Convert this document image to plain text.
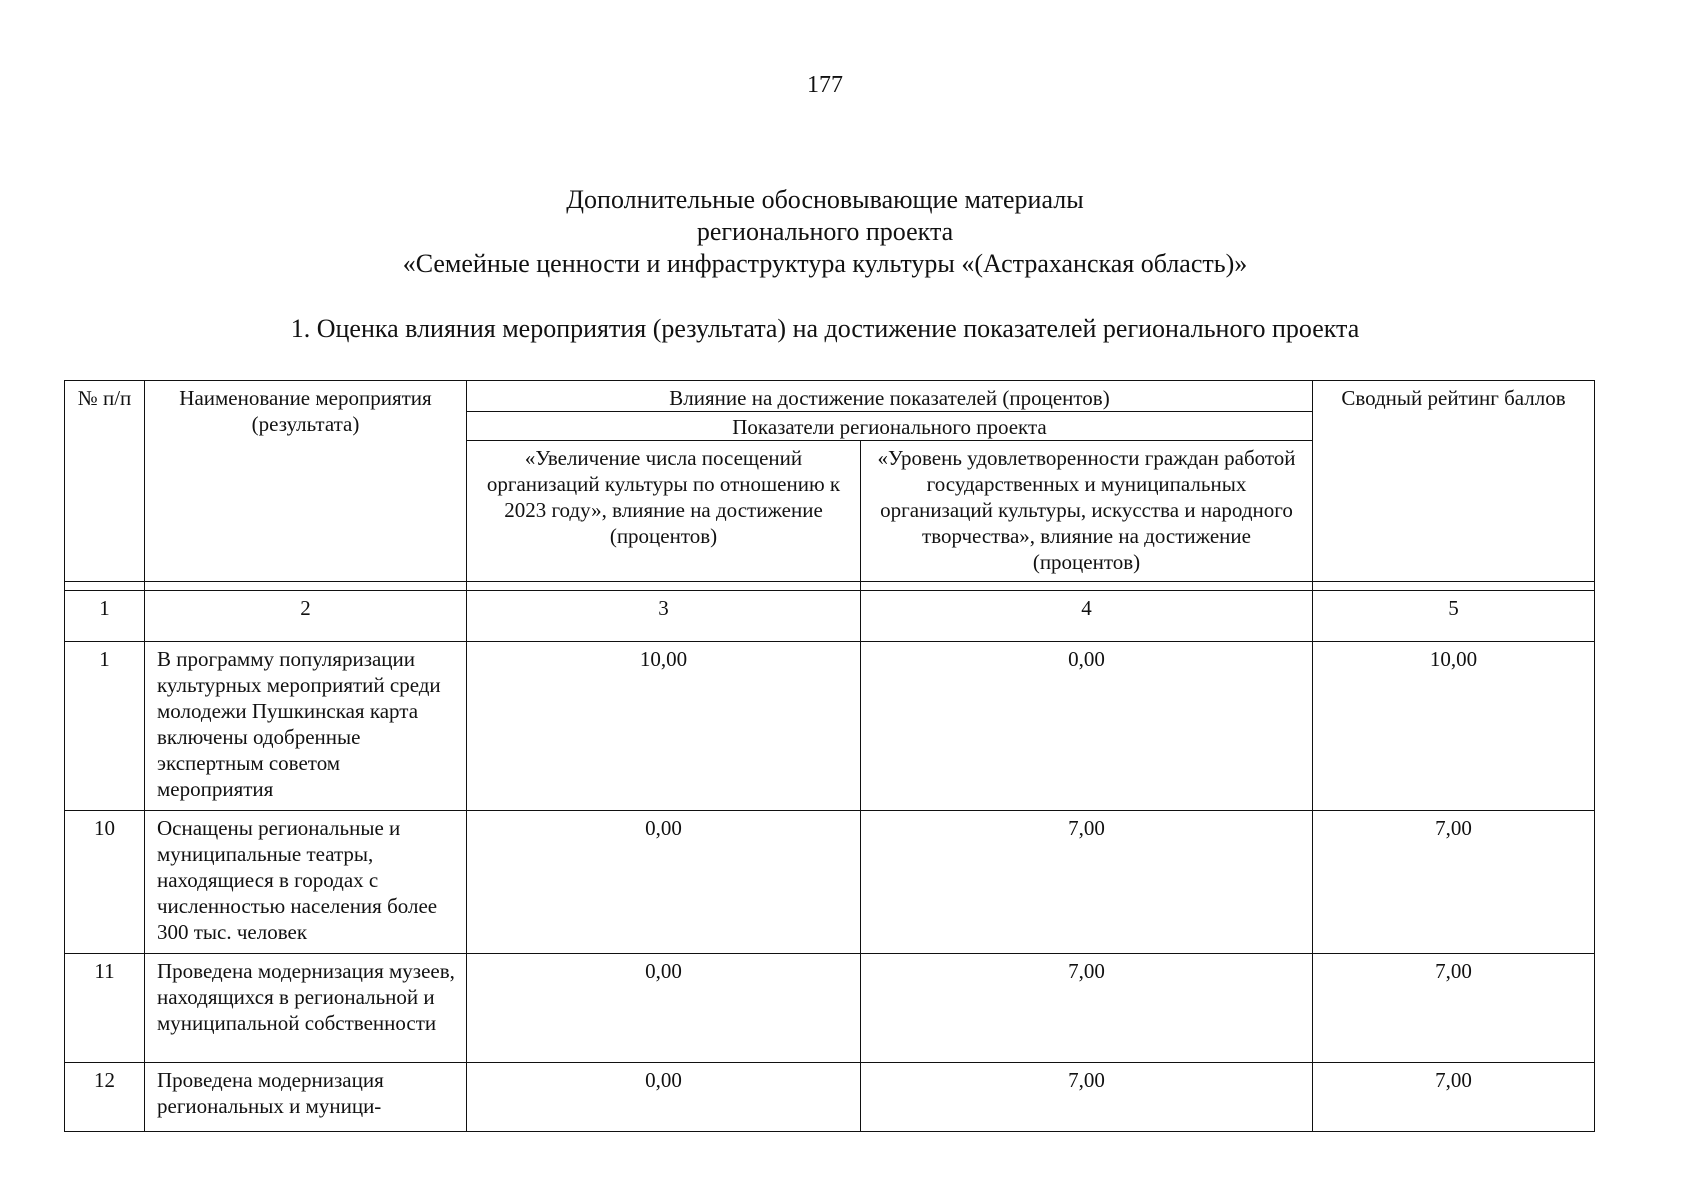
177
Дополнительные обосновывающие материалы
регионального проекта
«Семейные ценности и инфраструктура культуры «(Астраханская область)»
1. Оценка влияния мероприятия (результата) на достижение показателей регионального проекта
№ п/п	Наименование мероприятия (результата)	Влияние на достижение показателей (процентов)		Сводный рейтинг баллов
		Показатели регионального проекта		
		«Увеличение числа посещений организаций культуры по отношению к 2023 году», влияние на достижение (процентов)	«Уровень удовлетворенности граждан работой государственных и муниципальных организаций культуры, искусства и народного творчества», влияние на достижение (процентов)	

1	2	3	4	5
1	В программу популяризации культурных мероприятий среди молодежи Пушкинская карта включены одобренные экспертным советом мероприятия	10,00	0,00	10,00
10	Оснащены региональные и муниципальные театры, находящиеся в городах с численностью населения более 300 тыс. человек	0,00	7,00	7,00
11	Проведена модернизация музеев, находящихся в региональной и муниципальной собственности	0,00	7,00	7,00
12	Проведена модернизация региональных и муници-	0,00	7,00	7,00
